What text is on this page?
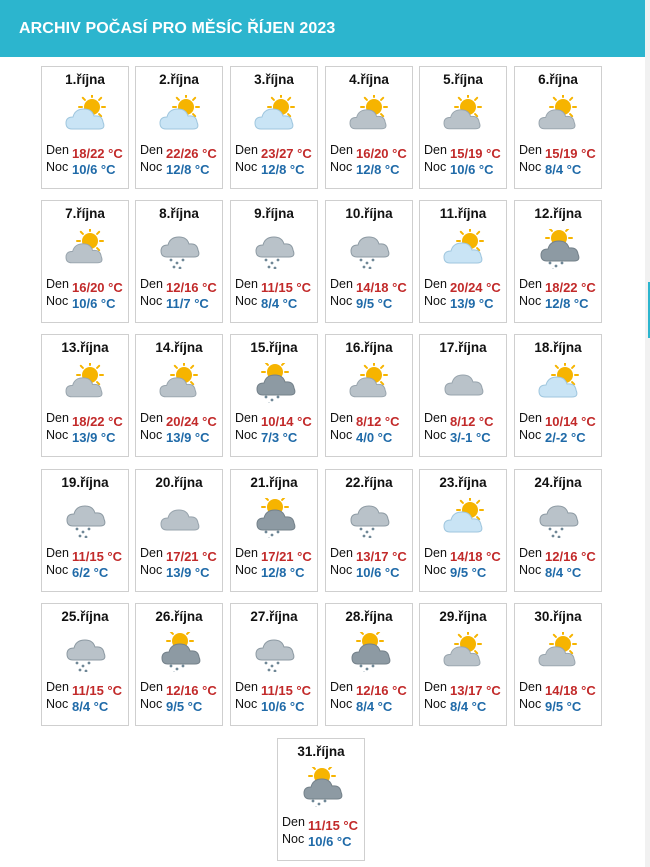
ARCHIV POČASÍ PRO MĚSÍC ŘÍJEN 2023
1.října
Den
Noc
18/22 °C
10/6 °C
2.října
Den
Noc
22/26 °C
12/8 °C
3.října
Den
Noc
23/27 °C
12/8 °C
4.října
Den
Noc
16/20 °C
12/8 °C
5.října
Den
Noc
15/19 °C
10/6 °C
6.října
Den
Noc
15/19 °C
8/4 °C
7.října
Den
Noc
16/20 °C
10/6 °C
8.října
Den
Noc
12/16 °C
11/7 °C
9.října
Den
Noc
11/15 °C
8/4 °C
10.října
Den
Noc
14/18 °C
9/5 °C
11.října
Den
Noc
20/24 °C
13/9 °C
12.října
Den
Noc
18/22 °C
12/8 °C
13.října
Den
Noc
18/22 °C
13/9 °C
14.října
Den
Noc
20/24 °C
13/9 °C
15.října
Den
Noc
10/14 °C
7/3 °C
16.října
Den
Noc
8/12 °C
4/0 °C
17.října
Den
Noc
8/12 °C
3/-1 °C
18.října
Den
Noc
10/14 °C
2/-2 °C
19.října
Den
Noc
11/15 °C
6/2 °C
20.října
Den
Noc
17/21 °C
13/9 °C
21.října
Den
Noc
17/21 °C
12/8 °C
22.října
Den
Noc
13/17 °C
10/6 °C
23.října
Den
Noc
14/18 °C
9/5 °C
24.října
Den
Noc
12/16 °C
8/4 °C
25.října
Den
Noc
11/15 °C
8/4 °C
26.října
Den
Noc
12/16 °C
9/5 °C
27.října
Den
Noc
11/15 °C
10/6 °C
28.října
Den
Noc
12/16 °C
8/4 °C
29.října
Den
Noc
13/17 °C
8/4 °C
30.října
Den
Noc
14/18 °C
9/5 °C
31.října
Den
Noc
11/15 °C
10/6 °C
